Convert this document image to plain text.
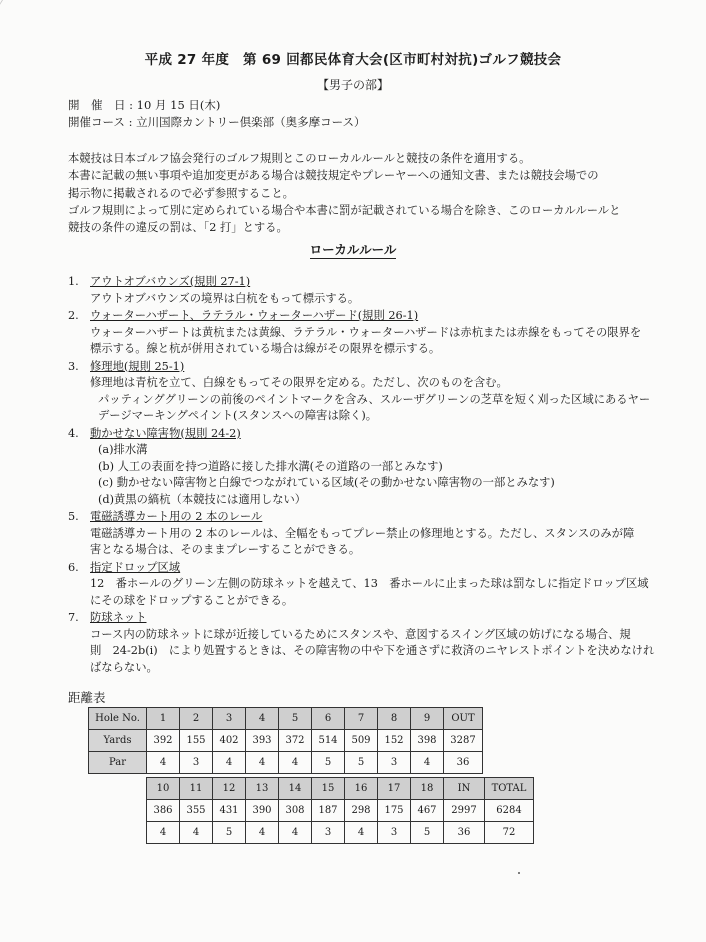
平成 27 年度　第 69 回都民体育大会(区市町村対抗)ゴルフ競技会
【男子の部】
開　催　日 : 10 月 15 日(木)
開催コース : 立川国際カントリー倶楽部（奥多摩コース）

本競技は日本ゴルフ協会発行のゴルフ規則とこのローカルルールと競技の条件を適用する。

本書に記載の無い事項や追加変更がある場合は競技規定やプレーヤーへの通知文書、または競技会場での

掲示物に掲載されるので必ず参照すること。

ゴルフ規則によって別に定められている場合や本書に罰が記載されている場合を除き、このローカルルールと

競技の条件の違反の罰は、「2 打」とする。

ローカルルール
1. アウトオブバウンズ(規則 27-1)
アウトオブバウンズの境界は白杭をもって標示する。
2. ウォーターハザート、ラテラル・ウォーターハザード(規則 26-1)
ウォーターハザートは黄杭または黄線、ラテラル・ウォーターハザードは赤杭または赤線をもってその限界を
標示する。線と杭が併用されている場合は線がその限界を標示する。
3. 修理地(規則 25-1)
修理地は青杭を立て、白線をもってその限界を定める。ただし、次のものを含む。
パッティンググリーンの前後のペイントマークを含み、スルーザグリーンの芝草を短く刈った区域にあるヤー
デージマーキングペイント(スタンスへの障害は除く)。
4. 動かせない障害物(規則 24-2)
(a)排水溝
(b) 人工の表面を持つ道路に接した排水溝(その道路の一部とみなす)
(c) 動かせない障害物と白線でつながれている区域(その動かせない障害物の一部とみなす)
(d)黄黒の縞杭（本競技には適用しない）
5. 電磁誘導カート用の 2 本のレール
電磁誘導カート用の 2 本のレールは、全幅をもってプレー禁止の修理地とする。ただし、スタンスのみが障
害となる場合は、そのままプレーすることができる。
6. 指定ドロップ区域
12　番ホールのグリーン左側の防球ネットを越えて、13　番ホールに止まった球は罰なしに指定ドロップ区域
にその球をドロップすることができる。
7. 防球ネット
コース内の防球ネットに球が近接しているためにスタンスや、意図するスイング区域の妨げになる場合、規
則　24-2b(i)　により処置するときは、その障害物の中や下を通さずに救済のニヤレストポイントを決めなけれ
ばならない。
距離表
Hole No.	1	2	3	4	5	6	7	8	9	OUT
Yards	392	155	402	393	372	514	509	152	398	3287
Par	4	3	4	4	4	5	5	3	4	36
10	11	12	13	14	15	16	17	18	IN	TOTAL
386	355	431	390	308	187	298	175	467	2997	6284
4	4	5	4	4	3	4	3	5	36	72
